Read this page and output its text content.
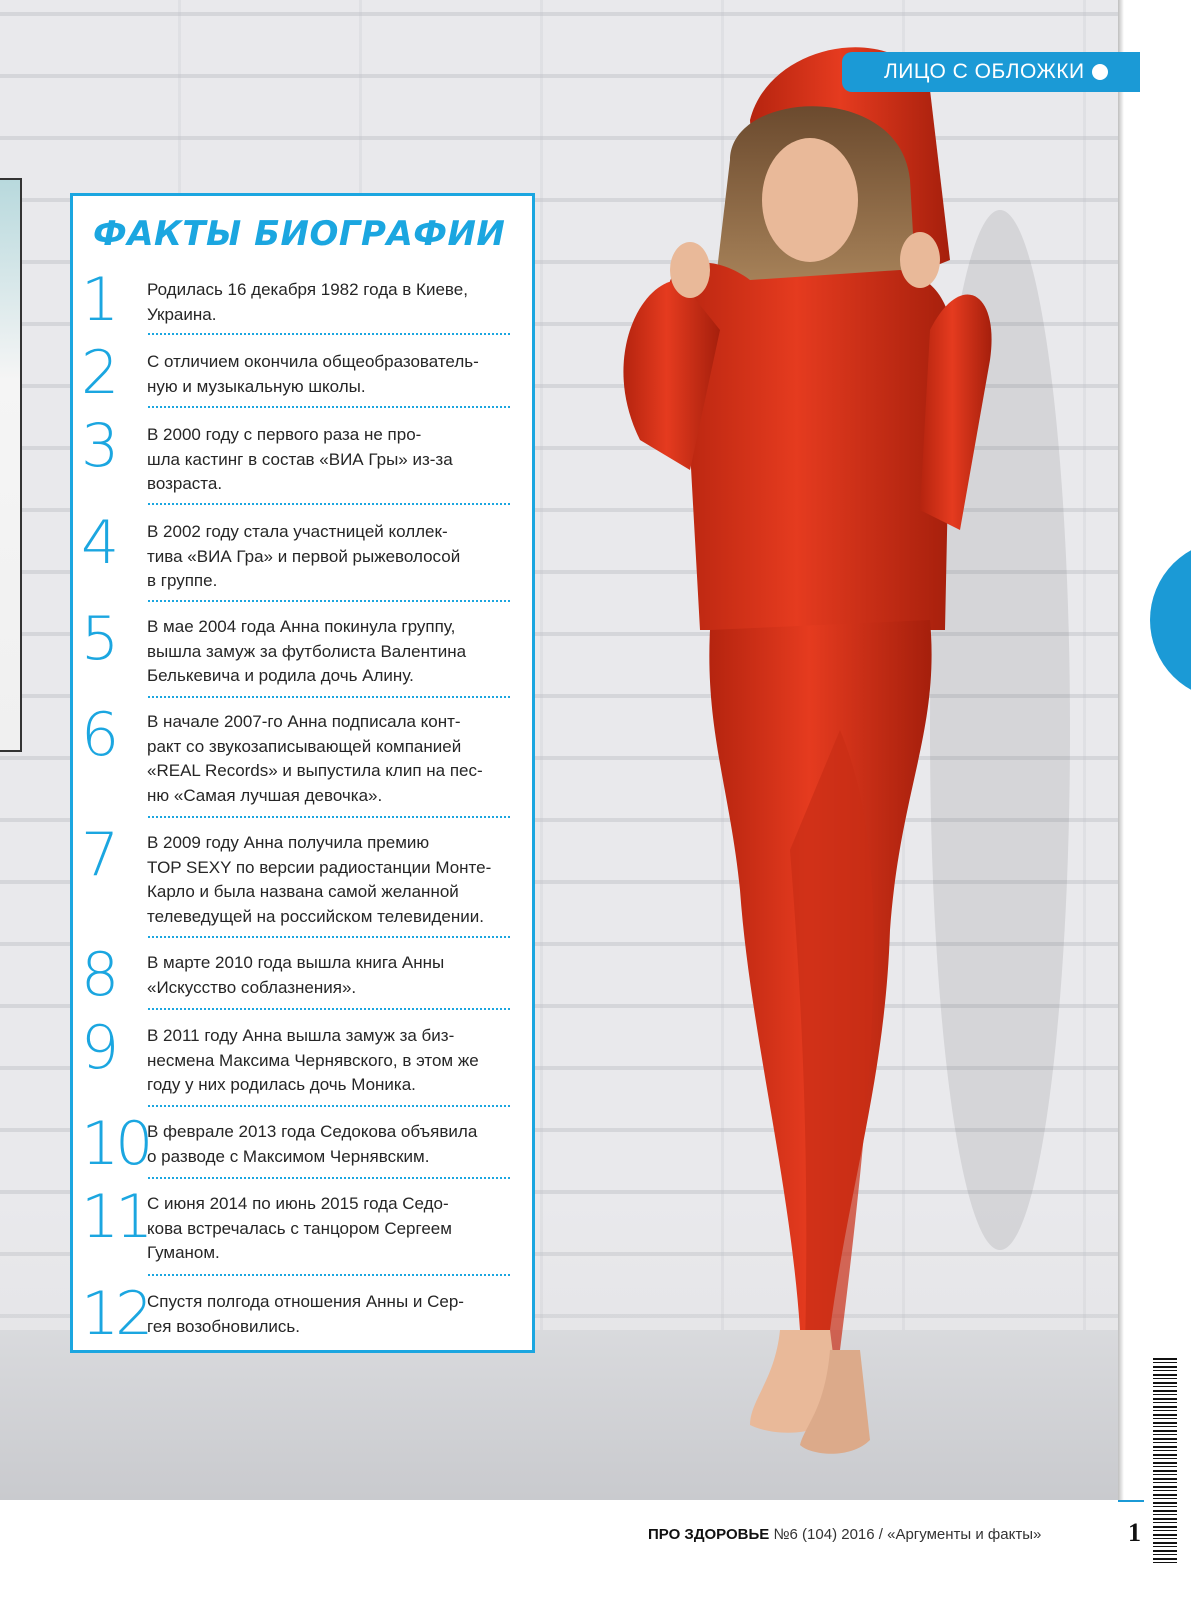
ЛИЦО С ОБЛОЖКИ
ФАКТЫ БИОГРАФИИ
1 Родилась 16 декабря 1982 года в Киеве,
Украина.
2 С отличием окончила общеобразователь-
ную и музыкальную школы.
3 В 2000 году с первого раза не про-
шла кастинг в состав «ВИА Гры» из-за
возраста.
4 В 2002 году стала участницей коллек-
тива «ВИА Гра» и первой рыжеволосой
в группе.
5 В мае 2004 года Анна покинула группу,
вышла замуж за футболиста Валентина
Белькевича и родила дочь Алину.
6 В начале 2007-го Анна подписала конт-
ракт со звукозаписывающей компанией
«REAL Records» и выпустила клип на пес-
ню «Самая лучшая девочка».
7 В 2009 году Анна получила премию
TOP SEXY по версии радиостанции Монте-
Карло и была названа самой желанной
телеведущей на российском телевидении.
8 В марте 2010 года вышла книга Анны
«Искусство соблазнения».
9 В 2011 году Анна вышла замуж за биз-
несмена Максима Чернявского, в этом же
году у них родилась дочь Моника.
10
В феврале 2013 года Седокова объявила
о разводе с Максимом Чернявским.
11
С июня 2014 по июнь 2015 года Седо-
кова встречалась с танцором Сергеем
Гуманом.
12
Спустя полгода отношения Анны и Сер-
гея возобновились.
ПРО ЗДОРОВЬЕ №6 (104) 2016 / «Аргументы и факты»	1
